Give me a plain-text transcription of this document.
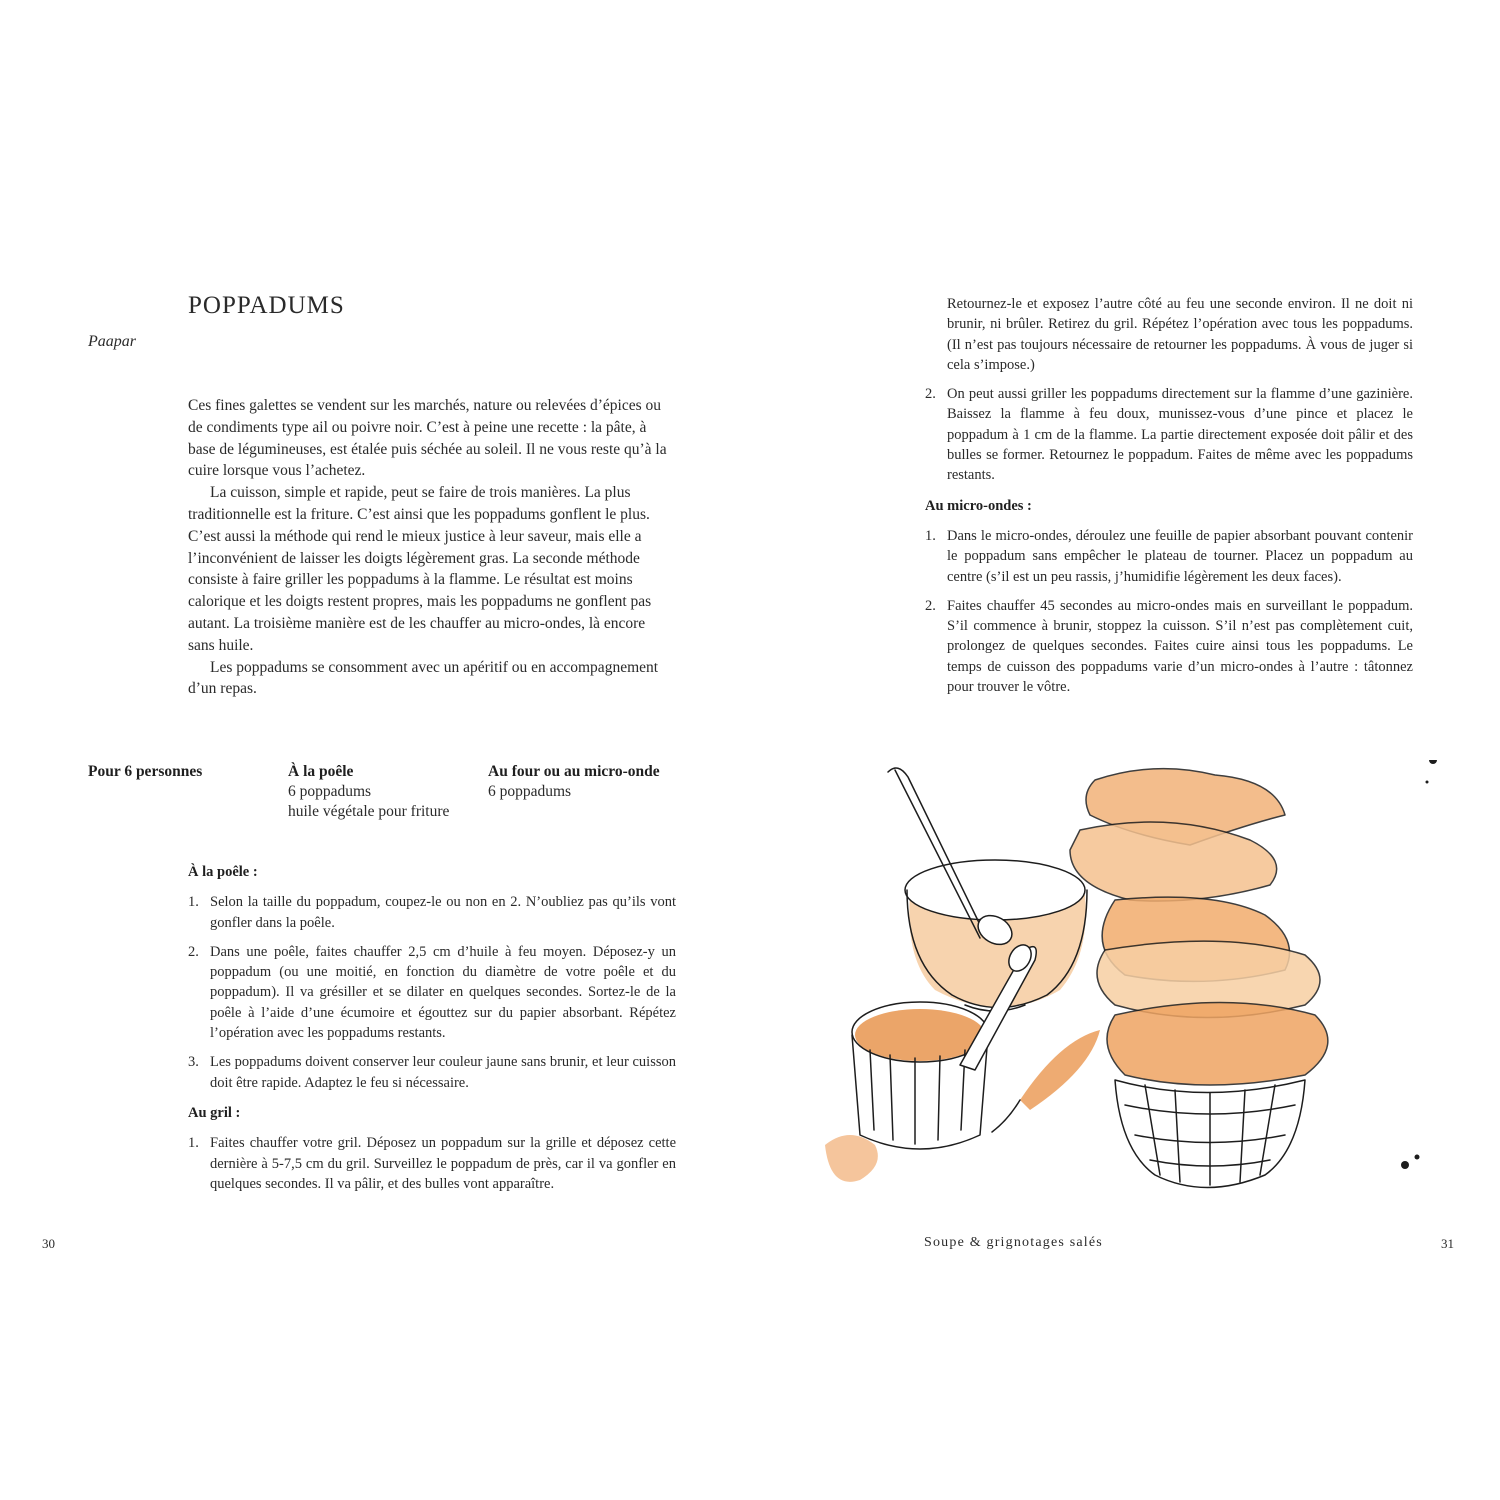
POPPADUMS

Paapar

Ces fines galettes se vendent sur les marchés, nature ou relevées d’épices ou de condiments type ail ou poivre noir. C’est à peine une recette : la pâte, à base de légumineuses, est étalée puis séchée au soleil. Il ne vous reste qu’à la cuire lorsque vous l’achetez.

La cuisson, simple et rapide, peut se faire de trois manières. La plus traditionnelle est la friture. C’est ainsi que les poppadums gonflent le plus. C’est aussi la méthode qui rend le mieux justice à leur saveur, mais elle a l’inconvénient de laisser les doigts légèrement gras. La seconde méthode consiste à faire griller les poppadums à la flamme. Le résultat est moins calorique et les doigts restent propres, mais les poppadums ne gonflent pas autant. La troisième manière est de les chauffer au micro-ondes, là encore sans huile.

Les poppadums se consomment avec un apéritif ou en accompagnement d’un repas.

Pour 6 personnes	À la poêle
6 poppadums
huile végétale pour friture
Au four ou au micro-onde
6 poppadums
À la poêle :
1. Selon la taille du poppadum, coupez-le ou non en 2. N’oubliez pas qu’ils vont gonfler dans la poêle.
2. Dans une poêle, faites chauffer 2,5 cm d’huile à feu moyen. Déposez-y un poppadum (ou une moitié, en fonction du diamètre de votre poêle et du poppadum). Il va grésiller et se dilater en quelques secondes. Sortez-le de la poêle à l’aide d’une écumoire et égouttez sur du papier absorbant. Répétez l’opération avec les poppadums restants.
3. Les poppadums doivent conserver leur couleur jaune sans brunir, et leur cuisson doit être rapide. Adaptez le feu si nécessaire.
Au gril :
1. Faites chauffer votre gril. Déposez un poppadum sur la grille et déposez cette dernière à 5-7,5 cm du gril. Surveillez le poppadum de près, car il va gonfler en quelques secondes. Il va pâlir, et des bulles vont apparaître.
30

Retournez-le et exposez l’autre côté au feu une seconde environ. Il ne doit ni brunir, ni brûler. Retirez du gril. Répétez l’opération avec tous les poppadums. (Il n’est pas toujours nécessaire de retourner les poppadums. À vous de juger si cela s’impose.)

2. On peut aussi griller les poppadums directement sur la flamme d’une gazinière. Baissez la flamme à feu doux, munissez-vous d’une pince et placez le poppadum à 1 cm de la flamme. La partie directement exposée doit pâlir et des bulles se former. Retournez le poppadum. Faites de même avec les poppadums restants.
Au micro-ondes :
1. Dans le micro-ondes, déroulez une feuille de papier absorbant pouvant contenir le poppadum sans empêcher le plateau de tourner. Placez un poppadum au centre (s’il est un peu rassis, j’humidifie légèrement les deux faces).
2. Faites chauffer 45 secondes au micro-ondes mais en surveillant le poppadum. S’il commence à brunir, stoppez la cuisson. S’il n’est pas complètement cuit, prolongez de quelques secondes. Faites cuire ainsi tous les poppadums. Le temps de cuisson des poppadums varie d’un micro-ondes à l’autre : tâtonnez pour trouver le vôtre.
Soupe & grignotages salés	31
